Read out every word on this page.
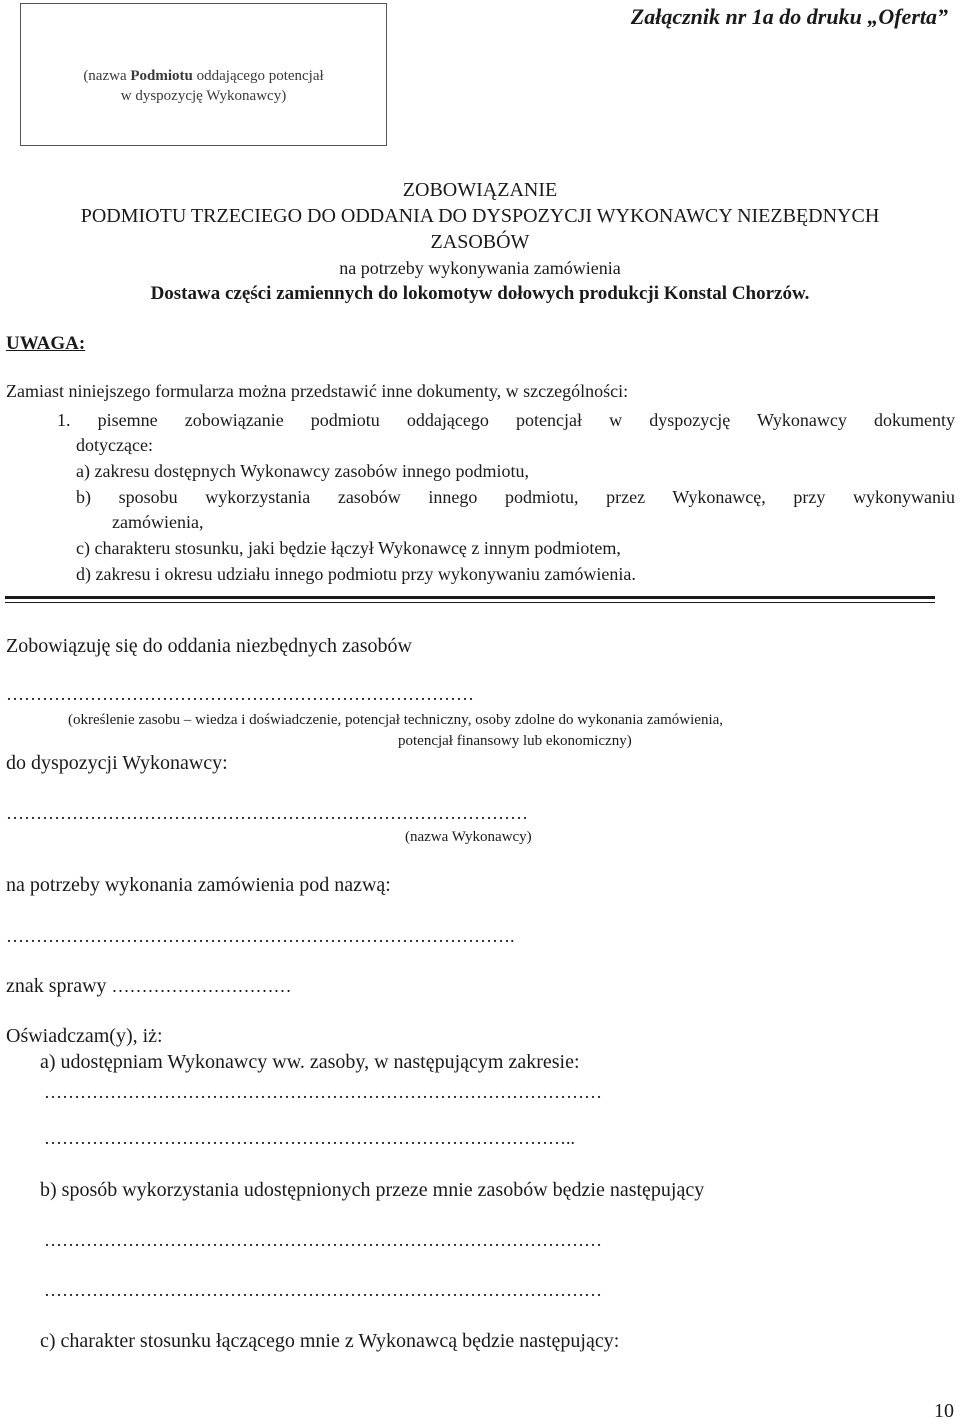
(nazwa Podmiotu oddającego potencjał
w dyspozycję Wykonawcy)
Załącznik nr 1a do druku „Oferta”
ZOBOWIĄZANIE
PODMIOTU TRZECIEGO DO ODDANIA DO DYSPOZYCJI WYKONAWCY NIEZBĘDNYCH
ZASOBÓW
na potrzeby wykonywania zamówienia
Dostawa części zamiennych do lokomotyw dołowych produkcji Konstal Chorzów.
UWAGA:
Zamiast niniejszego formularza można przedstawić inne dokumenty, w szczególności:
1. pisemne zobowiązanie podmiotu oddającego potencjał w dyspozycję Wykonawcy dokumenty
dotyczące:
a) zakresu dostępnych Wykonawcy zasobów innego podmiotu,
b) sposobu wykorzystania zasobów innego podmiotu, przez Wykonawcę, przy wykonywaniu
zamówienia,
c) charakteru stosunku, jaki będzie łączył Wykonawcę z innym podmiotem,
d) zakresu i okresu udziału innego podmiotu przy wykonywaniu zamówienia.
Zobowiązuję się do oddania niezbędnych zasobów
……………………………………………………………………
(określenie zasobu – wiedza i doświadczenie, potencjał techniczny, osoby zdolne do wykonania zamówienia,
potencjał finansowy lub ekonomiczny)
do dyspozycji Wykonawcy:
……………………………………………………………………………
(nazwa Wykonawcy)
na potrzeby wykonania zamówienia pod nazwą:
………………………………………………………………………….
znak sprawy …………………………
Oświadczam(y), iż:
a) udostępniam Wykonawcy ww. zasoby, w następującym zakresie:
…………………………………………………………………………………
……………………………………………………………………………..
b) sposób wykorzystania udostępnionych przeze mnie zasobów będzie następujący
…………………………………………………………………………………
…………………………………………………………………………………
c) charakter stosunku łączącego mnie z Wykonawcą będzie następujący:
10
